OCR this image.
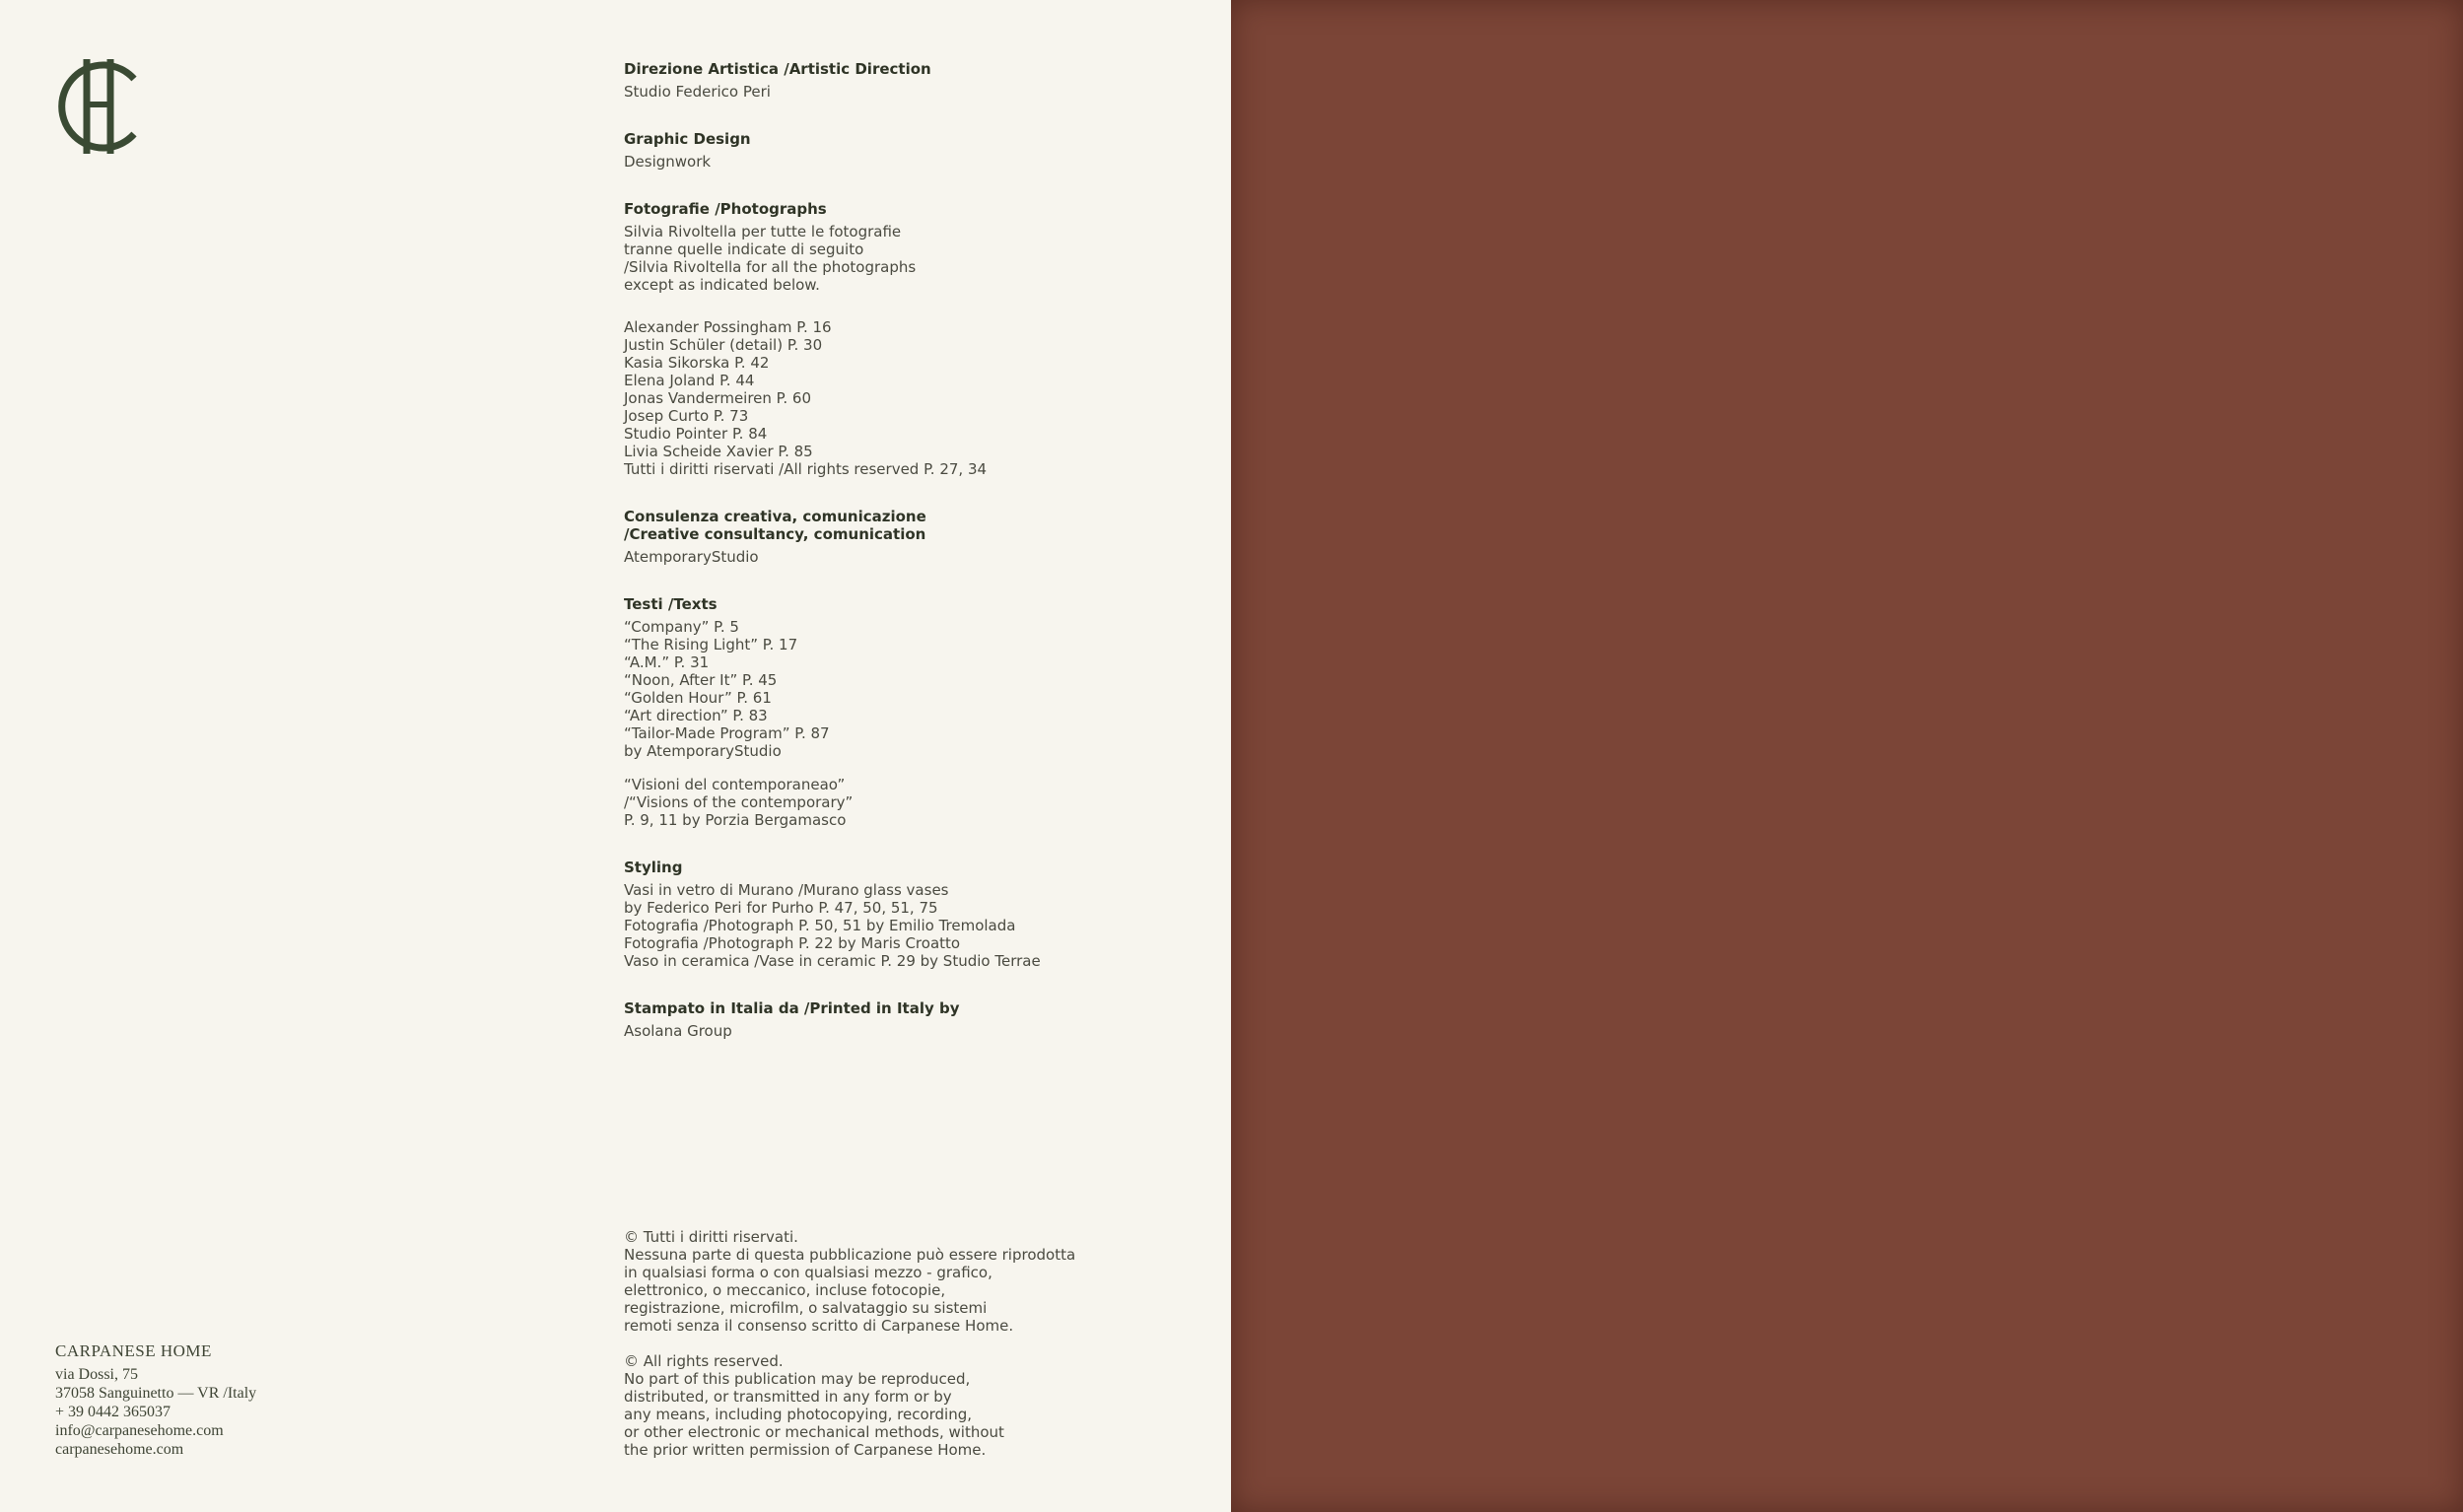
CARPANESE HOME
via Dossi, 75
37058 Sanguinetto — VR /Italy
+ 39 0442 365037
info@carpanesehome.com
carpanesehome.com
Direzione Artistica /Artistic Direction
Studio Federico Peri
Graphic Design
Designwork
Fotografie /Photographs
Silvia Rivoltella per tutte le fotografie
tranne quelle indicate di seguito
/Silvia Rivoltella for all the photographs
except as indicated below.
Alexander Possingham P. 16
Justin Schüler (detail) P. 30
Kasia Sikorska P. 42
Elena Joland P. 44
Jonas Vandermeiren P. 60
Josep Curto P. 73
Studio Pointer P. 84
Livia Scheide Xavier P. 85
Tutti i diritti riservati /All rights reserved P. 27, 34
Consulenza creativa, comunicazione
/Creative consultancy, comunication
AtemporaryStudio
Testi /Texts
“Company” P. 5
“The Rising Light” P. 17
“A.M.” P. 31
“Noon, After It” P. 45
“Golden Hour” P. 61
“Art direction” P. 83
“Tailor-Made Program” P. 87
by AtemporaryStudio
“Visioni del contemporaneao”
/“Visions of the contemporary”
P. 9, 11 by Porzia Bergamasco
Styling
Vasi in vetro di Murano /Murano glass vases
by Federico Peri for Purho P. 47, 50, 51, 75
Fotografia /Photograph P. 50, 51 by Emilio Tremolada
Fotografia /Photograph P. 22 by Maris Croatto
Vaso in ceramica /Vase in ceramic P. 29 by Studio Terrae
Stampato in Italia da /Printed in Italy by
Asolana Group
© Tutti i diritti riservati.
Nessuna parte di questa pubblicazione può essere riprodotta
in qualsiasi forma o con qualsiasi mezzo - grafico,
elettronico, o meccanico, incluse fotocopie,
registrazione, microfilm, o salvataggio su sistemi
remoti senza il consenso scritto di Carpanese Home.
© All rights reserved.
No part of this publication may be reproduced,
distributed, or transmitted in any form or by
any means, including photocopying, recording,
or other electronic or mechanical methods, without
the prior written permission of Carpanese Home.
